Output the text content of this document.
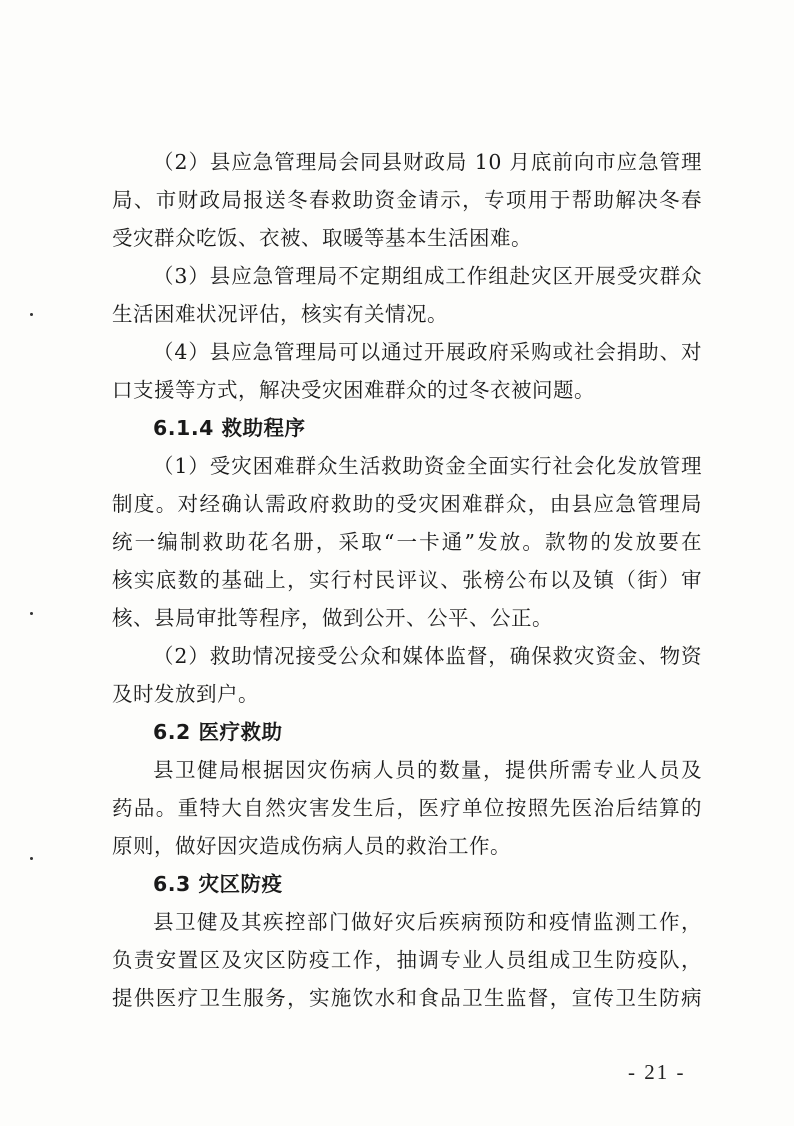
（2）县应急管理局会同县财政局 10 月底前向市应急管理
局、市财政局报送冬春救助资金请示，专项用于帮助解决冬春
受灾群众吃饭、衣被、取暖等基本生活困难。
（3）县应急管理局不定期组成工作组赴灾区开展受灾群众
生活困难状况评估，核实有关情况。
（4）县应急管理局可以通过开展政府采购或社会捐助、对
口支援等方式，解决受灾困难群众的过冬衣被问题。
6.1.4 救助程序
（1）受灾困难群众生活救助资金全面实行社会化发放管理
制度。对经确认需政府救助的受灾困难群众，由县应急管理局
统一编制救助花名册，采取“一卡通”发放。款物的发放要在
核实底数的基础上，实行村民评议、张榜公布以及镇（街）审
核、县局审批等程序，做到公开、公平、公正。
（2）救助情况接受公众和媒体监督，确保救灾资金、物资
及时发放到户。
6.2 医疗救助
县卫健局根据因灾伤病人员的数量，提供所需专业人员及
药品。重特大自然灾害发生后，医疗单位按照先医治后结算的
原则，做好因灾造成伤病人员的救治工作。
6.3 灾区防疫
县卫健及其疾控部门做好灾后疾病预防和疫情监测工作，
负责安置区及灾区防疫工作，抽调专业人员组成卫生防疫队，
提供医疗卫生服务，实施饮水和食品卫生监督，宣传卫生防病
- 21 -
